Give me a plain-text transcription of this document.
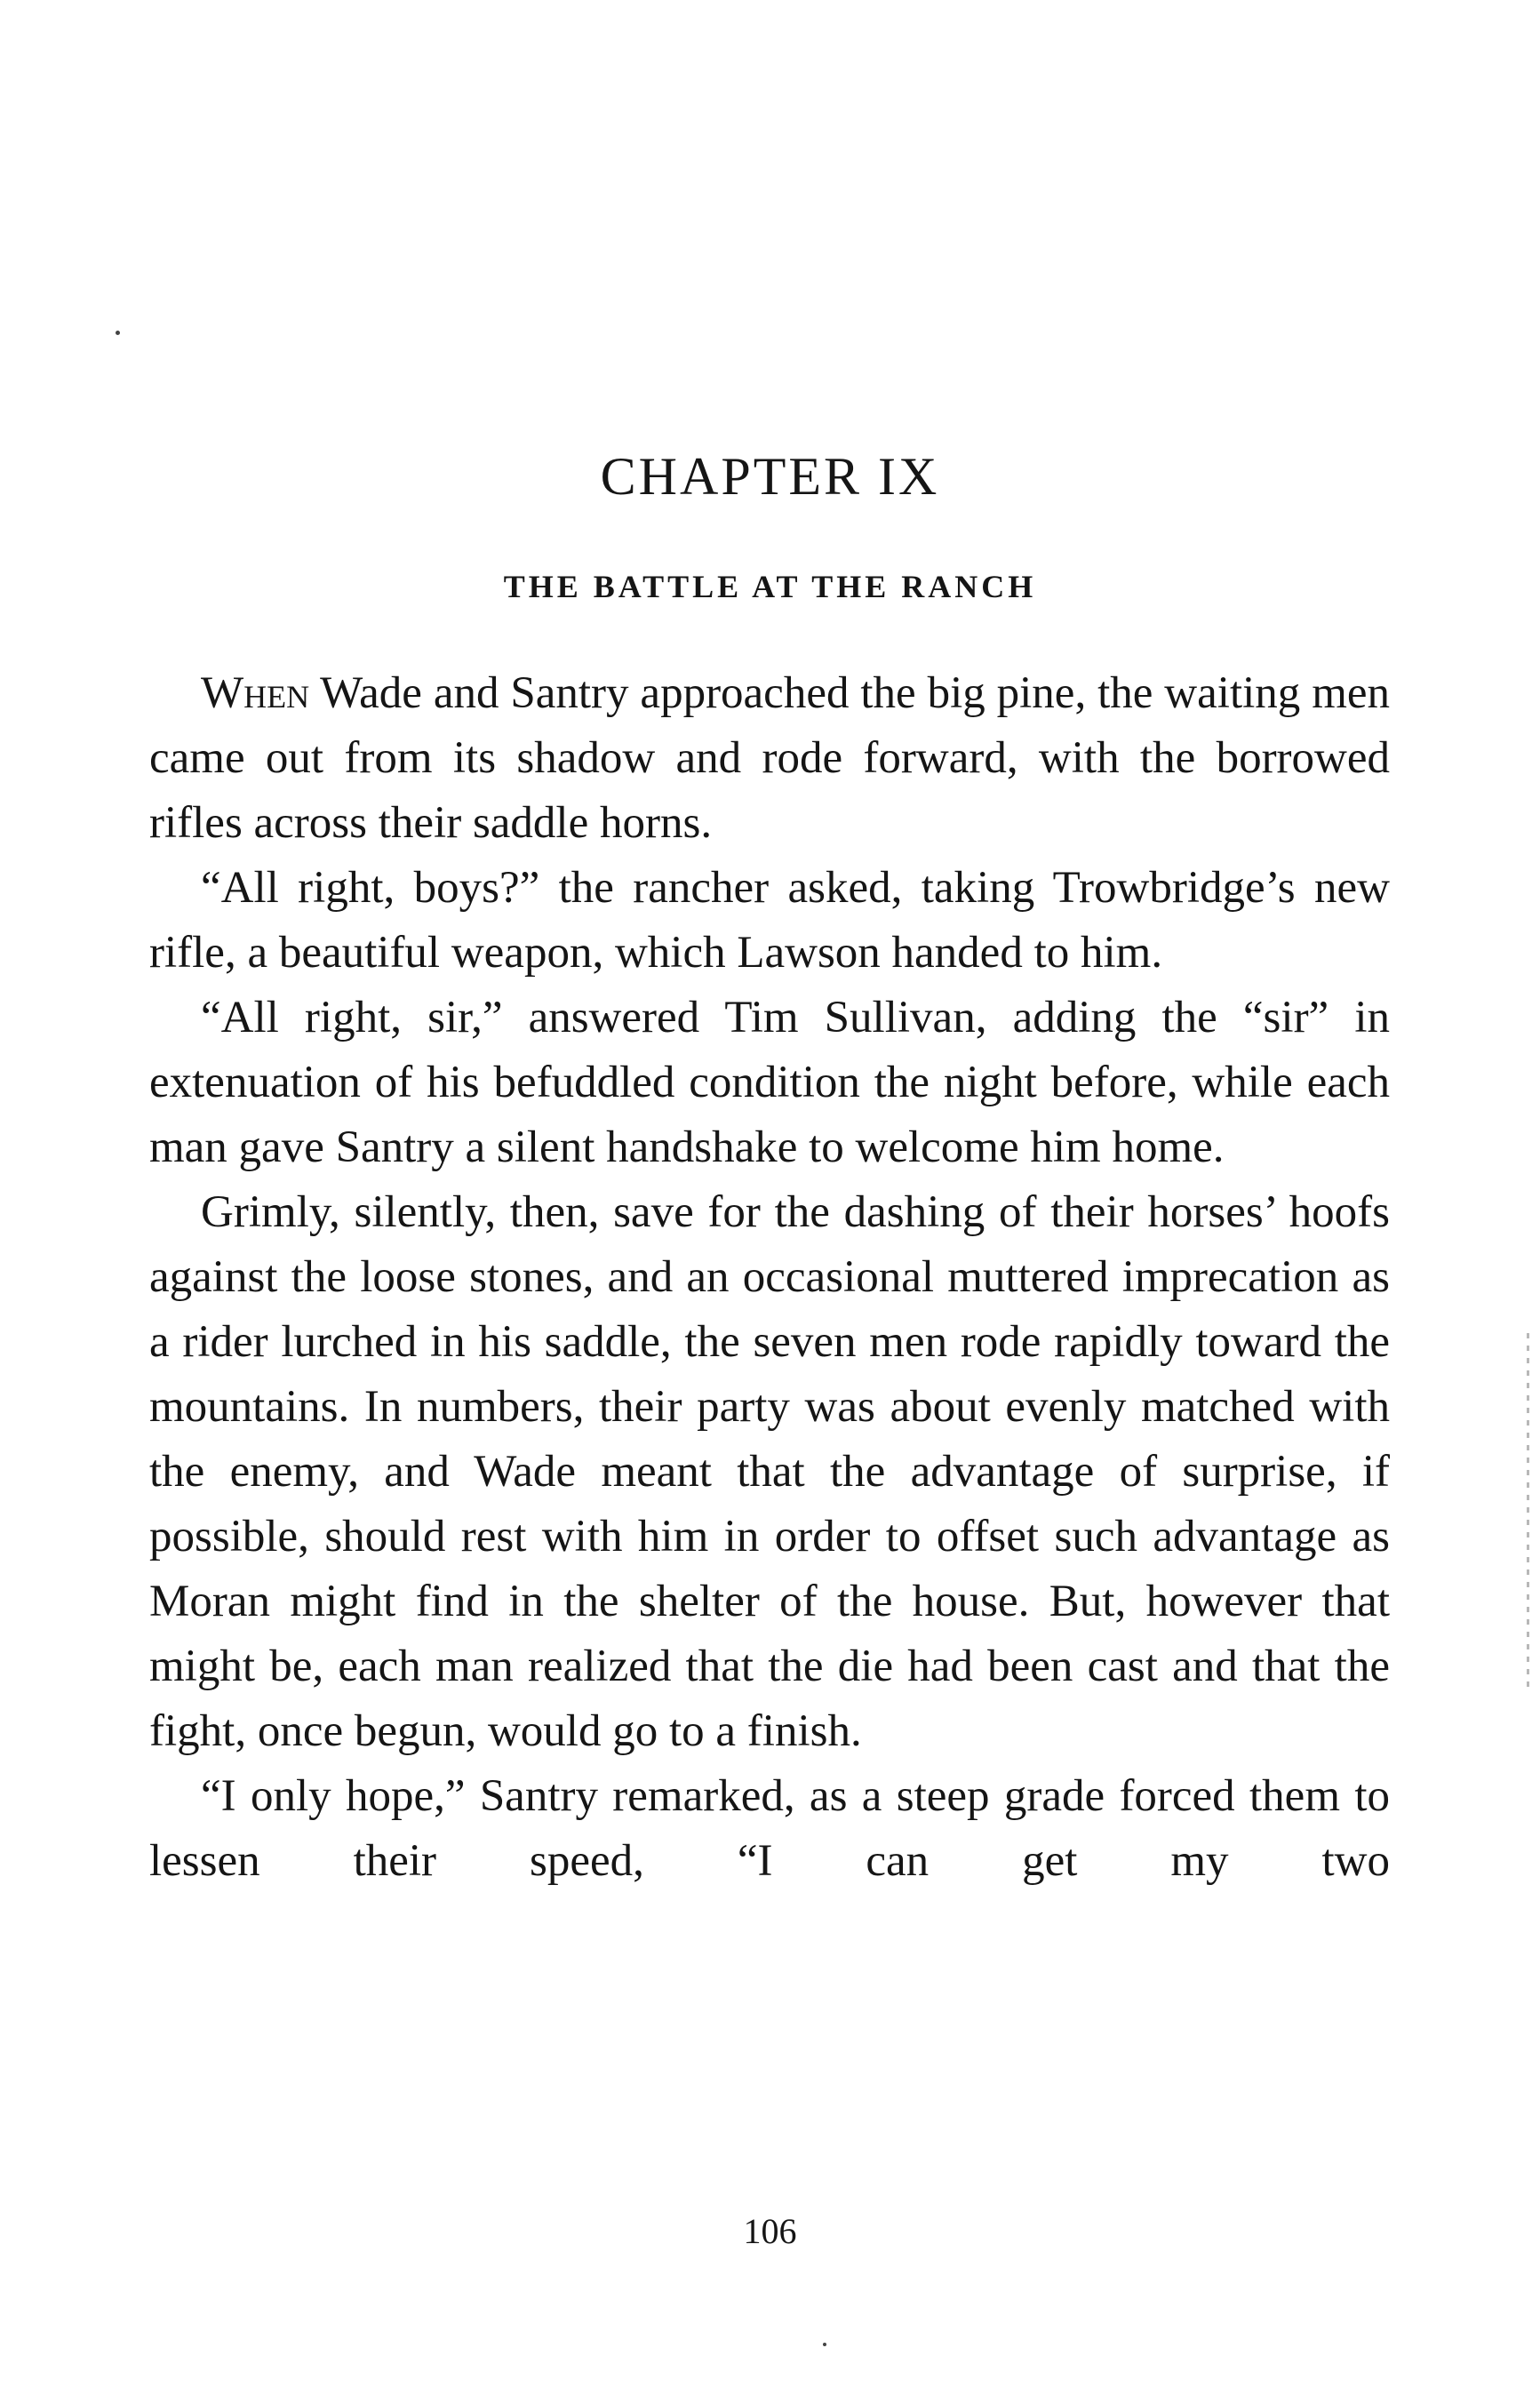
CHAPTER IX
THE BATTLE AT THE RANCH

When Wade and Santry approached the big pine, the waiting men came out from its shadow and rode forward, with the borrowed rifles across their saddle horns.

“All right, boys?” the rancher asked, taking Trowbridge’s new rifle, a beautiful weapon, which Lawson handed to him.

“All right, sir,” answered Tim Sullivan, adding the “sir” in extenuation of his befuddled condition the night before, while each man gave Santry a silent handshake to welcome him home.

Grimly, silently, then, save for the dashing of their horses’ hoofs against the loose stones, and an occasional muttered imprecation as a rider lurched in his saddle, the seven men rode rapidly toward the mountains. In numbers, their party was about evenly matched with the enemy, and Wade meant that the advantage of surprise, if possible, should rest with him in order to offset such advantage as Moran might find in the shelter of the house. But, however that might be, each man realized that the die had been cast and that the fight, once begun, would go to a finish.

“I only hope,” Santry remarked, as a steep grade forced them to lessen their speed, “I can get my two

106
